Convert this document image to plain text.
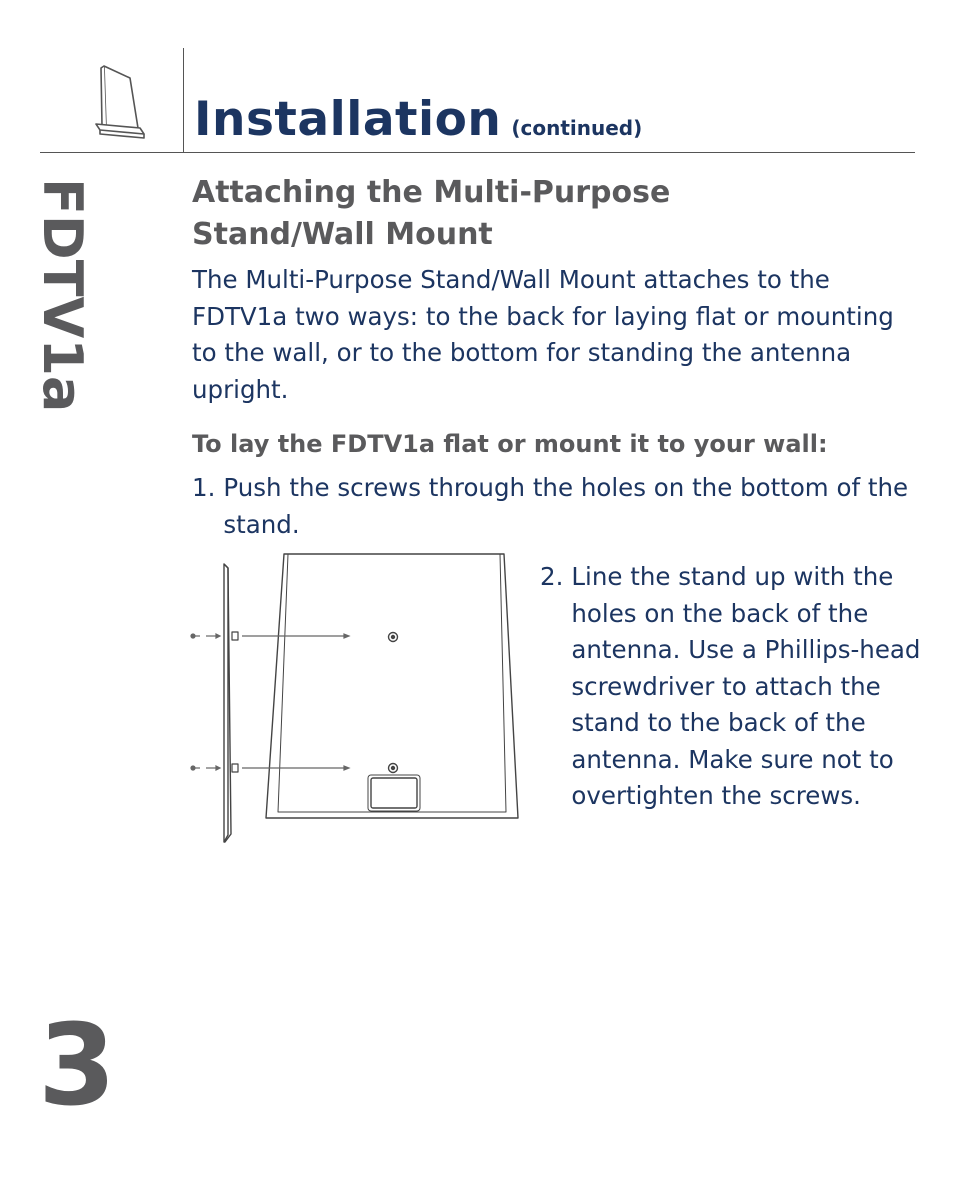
Installation (continued)
FDTV1a
3
Attaching the Multi-Purpose
Stand/Wall Mount
The Multi-Purpose Stand/Wall Mount attaches to the FDTV1a two ways: to the back for laying flat or mounting to the wall, or to the bottom for standing the antenna upright.
To lay the FDTV1a flat or mount it to your wall:
1. Push the screws through the holes on the bottom of the stand.
2. Line the stand up with the holes on the back of the antenna. Use a Phillips-head screwdriver to attach the stand to the back of the antenna. Make sure not to overtighten the screws.
